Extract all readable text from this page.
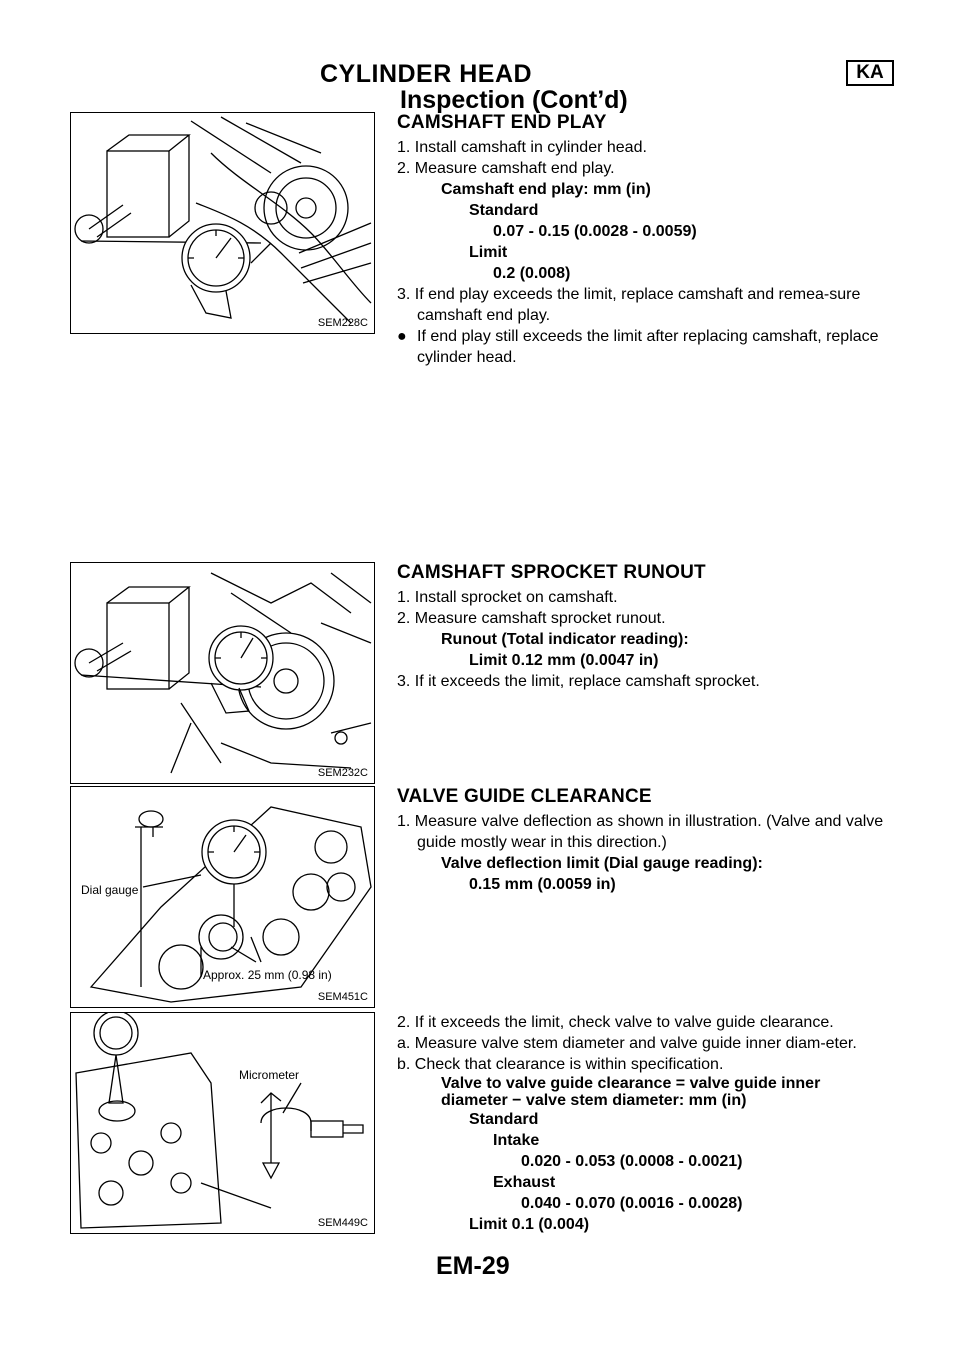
CYLINDER HEAD	KA
Inspection (Cont’d)
SEM228C
CAMSHAFT END PLAY

1. Install camshaft in cylinder head.

2. Measure camshaft end play.

Camshaft end play: mm (in)

Standard

0.07 - 0.15 (0.0028 - 0.0059)

Limit

0.2 (0.008)

3. If end play exceeds the limit, replace camshaft and remea-sure camshaft end play.

● If end play still exceeds the limit after replacing camshaft, replace cylinder head.

SEM232C
CAMSHAFT SPROCKET RUNOUT

1. Install sprocket on camshaft.

2. Measure camshaft sprocket runout.

Runout (Total indicator reading):

Limit 0.12 mm (0.0047 in)

3. If it exceeds the limit, replace camshaft sprocket.

Dial gauge
Approx. 25 mm (0.98 in)
SEM451C
VALVE GUIDE CLEARANCE

1. Measure valve deflection as shown in illustration. (Valve and valve guide mostly wear in this direction.)

Valve deflection limit (Dial gauge reading):

0.15 mm (0.0059 in)

Micrometer
SEM449C

2. If it exceeds the limit, check valve to valve guide clearance.

a. Measure valve stem diameter and valve guide inner diam-eter.

b. Check that clearance is within specification.

Valve to valve guide clearance = valve guide inner diameter − valve stem diameter: mm (in)

Standard

Intake

0.020 - 0.053 (0.0008 - 0.0021)

Exhaust

0.040 - 0.070 (0.0016 - 0.0028)

Limit 0.1 (0.004)

EM-29
